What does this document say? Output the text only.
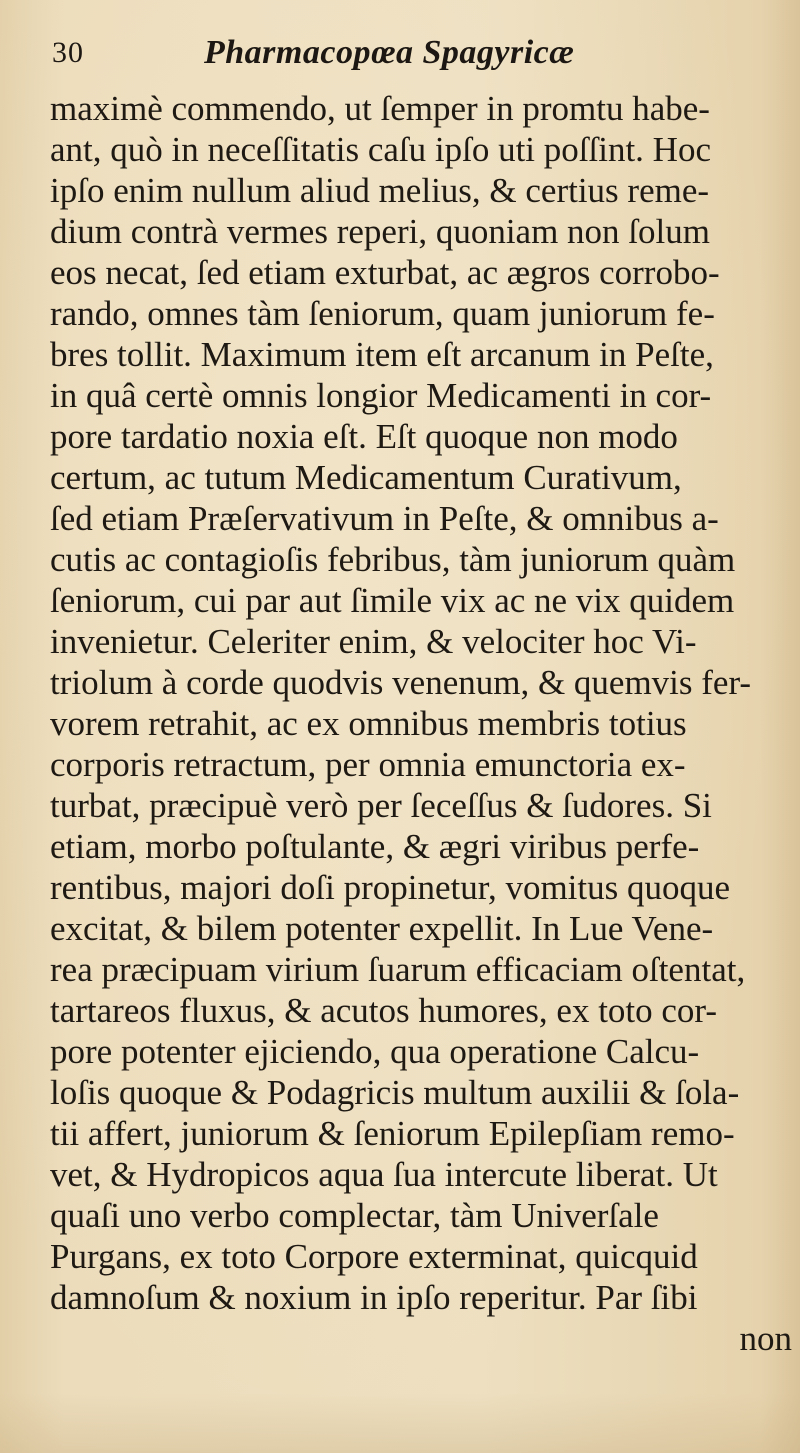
30	Pharmacopœa Spagyricæ
maximè commendo, ut ſemper in promtu habe-
ant, quò in neceſſitatis caſu ipſo uti poſſint. Hoc
ipſo enim nullum aliud melius, & certius reme-
dium contrà vermes reperi, quoniam non ſolum
eos necat, ſed etiam exturbat, ac ægros corrobo-
rando, omnes tàm ſeniorum, quam juniorum fe-
bres tollit. Maximum item eſt arcanum in Peſte,
in quâ certè omnis longior Medicamenti in cor-
pore tardatio noxia eſt. Eſt quoque non modo
certum, ac tutum Medicamentum Curativum,
ſed etiam Præſervativum in Peſte, & omnibus a-
cutis ac contagioſis febribus, tàm juniorum quàm
ſeniorum, cui par aut ſimile vix ac ne vix quidem
invenietur. Celeriter enim, & velociter hoc Vi-
triolum à corde quodvis venenum, & quemvis fer-
vorem retrahit, ac ex omnibus membris totius
corporis retractum, per omnia emunctoria ex-
turbat, præcipuè verò per ſeceſſus & ſudores. Si
etiam, morbo poſtulante, & ægri viribus perfe-
rentibus, majori doſi propinetur, vomitus quoque
excitat, & bilem potenter expellit. In Lue Vene-
rea præcipuam virium ſuarum efficaciam oſtentat,
tartareos fluxus, & acutos humores, ex toto cor-
pore potenter ejiciendo, qua operatione Calcu-
loſis quoque & Podagricis multum auxilii & ſola-
tii affert, juniorum & ſeniorum Epilepſiam remo-
vet, & Hydropicos aqua ſua intercute liberat. Ut
quaſi uno verbo complectar, tàm Univerſale
Purgans, ex toto Corpore exterminat, quicquid
damnoſum & noxium in ipſo reperitur. Par ſibi
non
